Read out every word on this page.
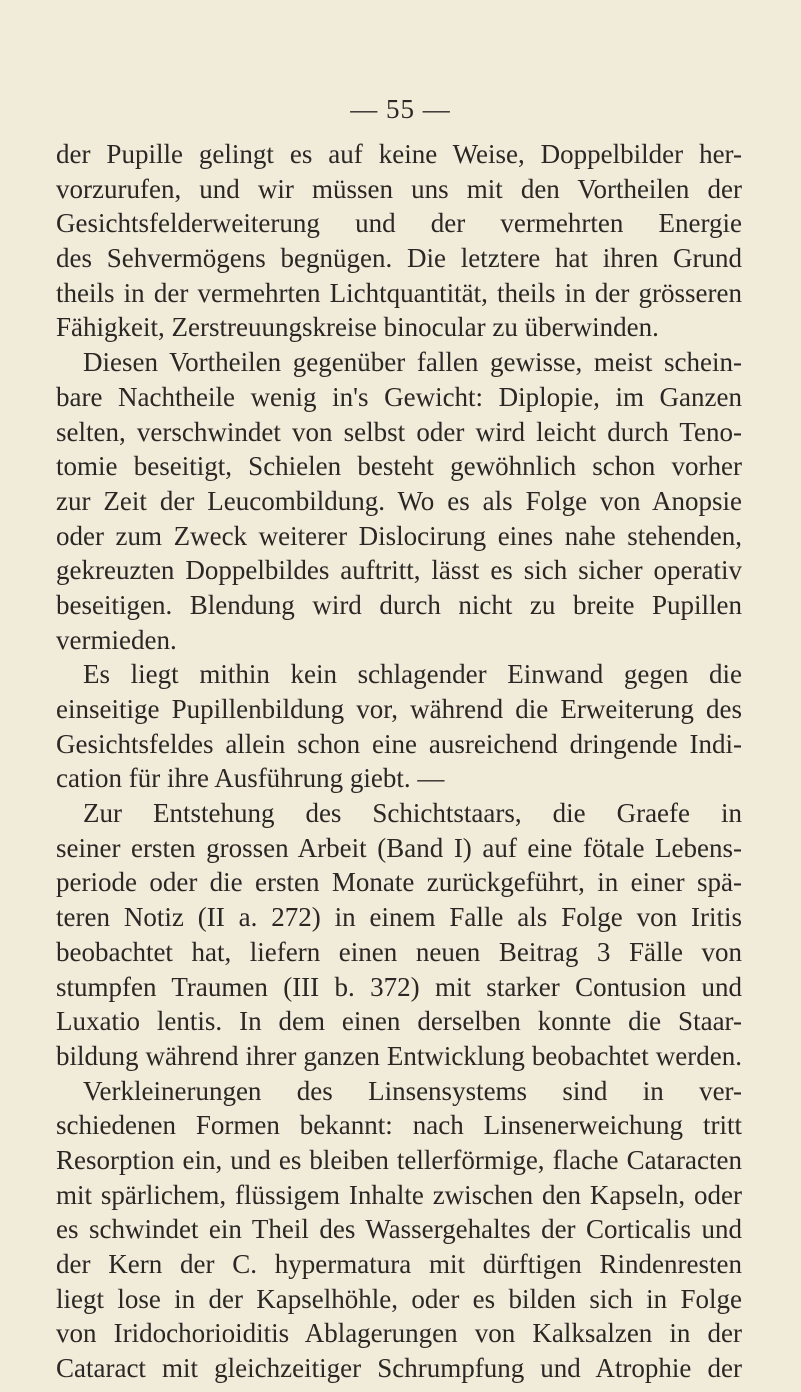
— 55 —
der Pupille gelingt es auf keine Weise, Doppelbilder her-
vorzurufen, und wir müssen uns mit den Vortheilen der
Gesichtsfelderweiterung und der vermehrten Energie
des Sehvermögens begnügen. Die letztere hat ihren Grund
theils in der vermehrten Lichtquantität, theils in der grösseren
Fähigkeit, Zerstreuungskreise binocular zu überwinden.
Diesen Vortheilen gegenüber fallen gewisse, meist schein-
bare Nachtheile wenig in's Gewicht: Diplopie, im Ganzen
selten, verschwindet von selbst oder wird leicht durch Teno-
tomie beseitigt, Schielen besteht gewöhnlich schon vorher
zur Zeit der Leucombildung. Wo es als Folge von Anopsie
oder zum Zweck weiterer Dislocirung eines nahe stehenden,
gekreuzten Doppelbildes auftritt, lässt es sich sicher operativ
beseitigen. Blendung wird durch nicht zu breite Pupillen
vermieden.
Es liegt mithin kein schlagender Einwand gegen die
einseitige Pupillenbildung vor, während die Erweiterung des
Gesichtsfeldes allein schon eine ausreichend dringende Indi-
cation für ihre Ausführung giebt. —
Zur Entstehung des Schichtstaars, die Graefe in
seiner ersten grossen Arbeit (Band I) auf eine fötale Lebens-
periode oder die ersten Monate zurückgeführt, in einer spä-
teren Notiz (II a. 272) in einem Falle als Folge von Iritis
beobachtet hat, liefern einen neuen Beitrag 3 Fälle von
stumpfen Traumen (III b. 372) mit starker Contusion und
Luxatio lentis. In dem einen derselben konnte die Staar-
bildung während ihrer ganzen Entwicklung beobachtet werden.
Verkleinerungen des Linsensystems sind in ver-
schiedenen Formen bekannt: nach Linsenerweichung tritt
Resorption ein, und es bleiben tellerförmige, flache Cataracten
mit spärlichem, flüssigem Inhalte zwischen den Kapseln, oder
es schwindet ein Theil des Wassergehaltes der Corticalis und
der Kern der C. hypermatura mit dürftigen Rindenresten
liegt lose in der Kapselhöhle, oder es bilden sich in Folge
von Iridochorioiditis Ablagerungen von Kalksalzen in der
Cataract mit gleichzeitiger Schrumpfung und Atrophie der
